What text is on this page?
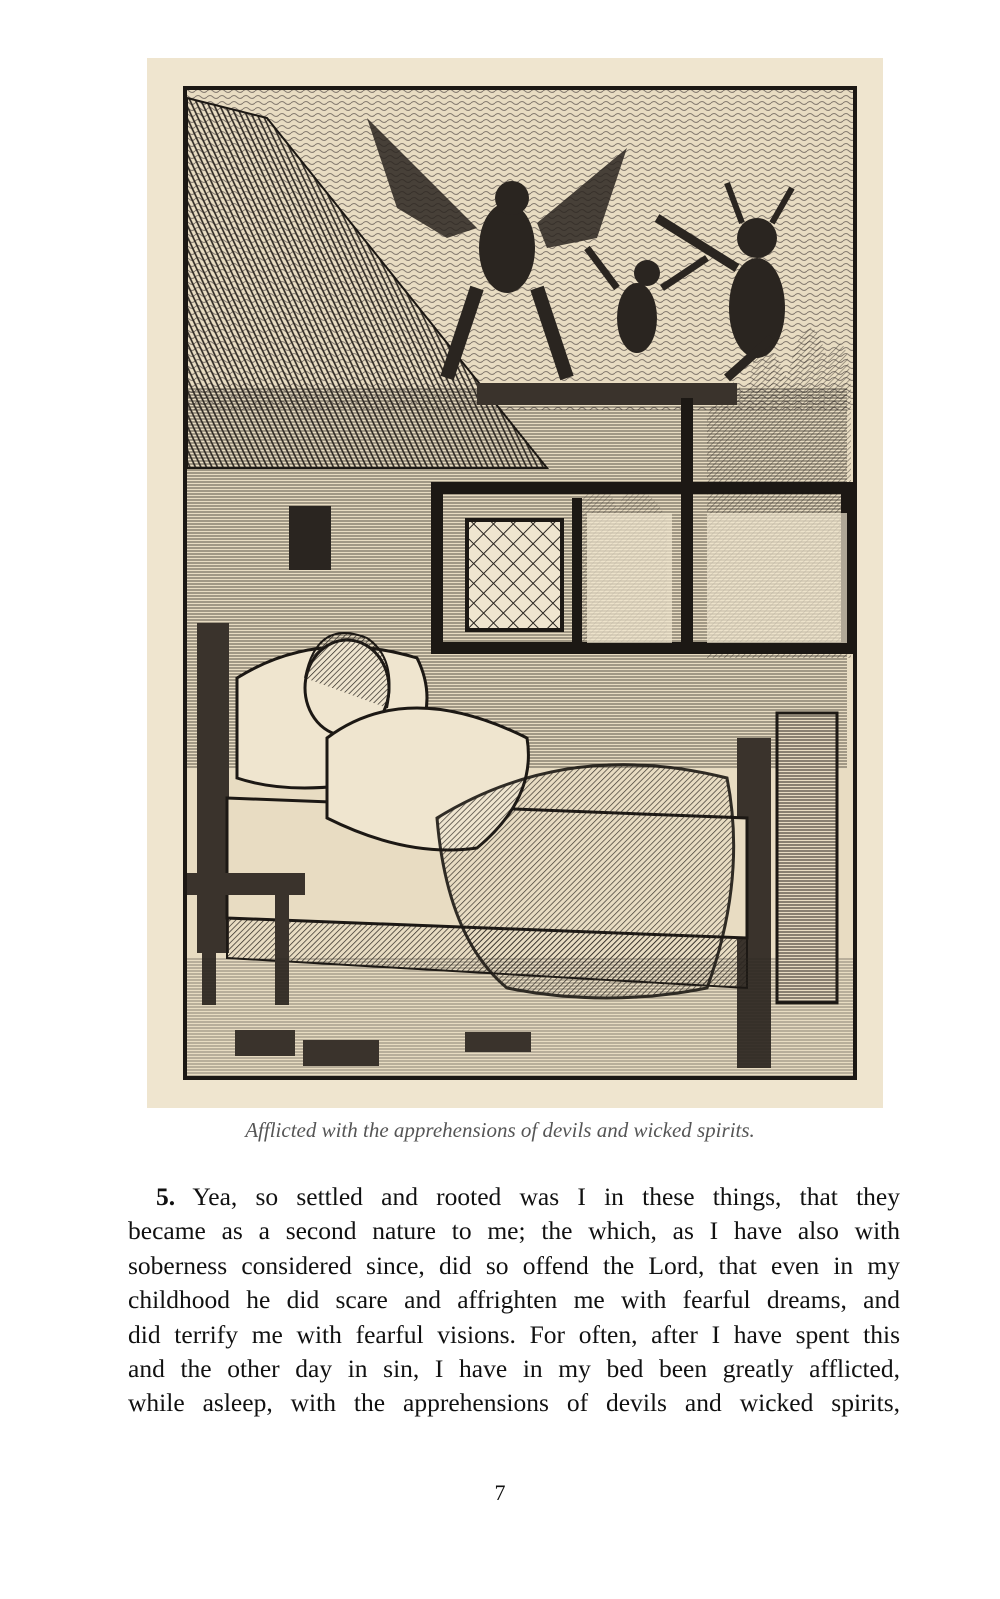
Afflicted with the apprehensions of devils and wicked spirits.
5. Yea, so settled and rooted was I in these things, that they
became as a second nature to me; the which, as I have also with
soberness considered since, did so offend the Lord, that even in my
childhood he did scare and affrighten me with fearful dreams, and
did terrify me with fearful visions. For often, after I have spent this
and the other day in sin, I have in my bed been greatly afflicted,
while asleep, with the apprehensions of devils and wicked spirits,
7
